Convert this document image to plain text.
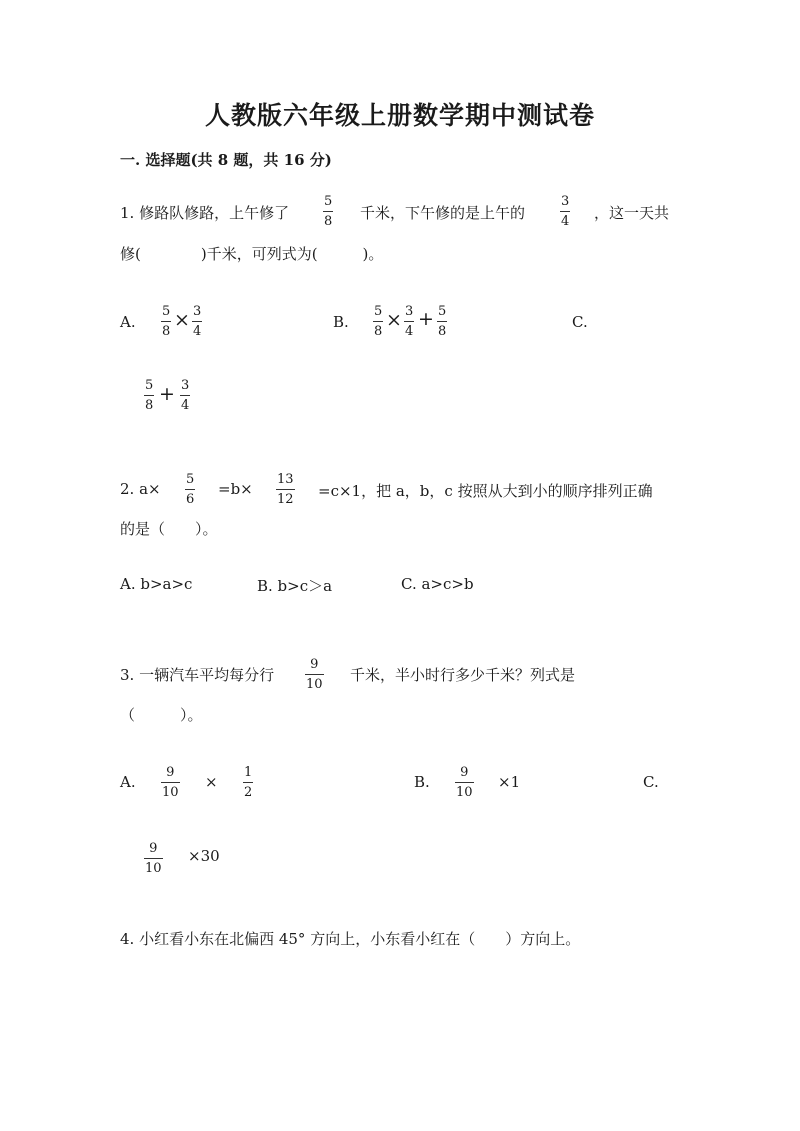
人教版六年级上册数学期中测试卷
一. 选择题(共 8 题，共 16 分)
1. 修路队修路，上午修了	$\frac{5}{8}$ 千米，下午修的是上午的	$\frac{3}{4}$ ，这一天共
修(　　　　)千米，可列式为(　　　)。
A. $\frac{5}{8} \times \frac{3}{4}$	B. $\frac{5}{8} \times \frac{3}{4} + \frac{5}{8}$	C.
$\frac{5}{8} + \frac{3}{4}$
2. $a\times \frac{5}{6} =b\times \frac{13}{12} =c\times 1$，把 a，b，c 按照从大到小的顺序排列正确
的是（　　）。
A. b>a>c	B. b>c＞a	C. a>c>b
3. 一辆汽车平均每分行 $\frac{9}{10}$ 千米，半小时行多少千米？列式是
（　　　）。
A. $\frac{9}{10} \times \frac{1}{2}$	B. $\frac{9}{10} \times 1$	C.
$\frac{9}{10} \times 30$
4. 小红看小东在北偏西 45° 方向上，小东看小红在（　　）方向上。
